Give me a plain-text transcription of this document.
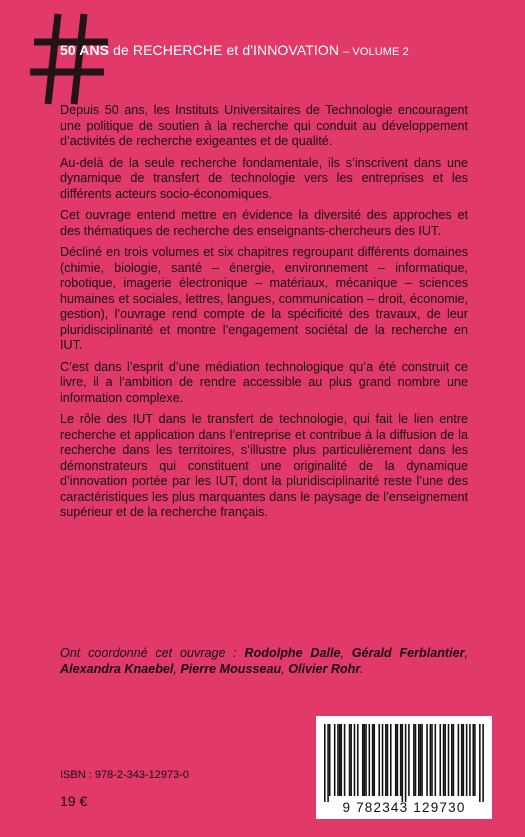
50 ANS de RECHERCHE et d'INNOVATION – VOLUME 2

Depuis 50 ans, les Instituts Universitaires de Technologie encouragent une politique de soutien à la recherche qui conduit au développement d’activités de recherche exigeantes et de qualité.

Au-delà de la seule recherche fondamentale, ils s’inscrivent dans une dynamique de transfert de technologie vers les entreprises et les différents acteurs socio-économiques.

Cet ouvrage entend mettre en évidence la diversité des approches et des thématiques de recherche des enseignants-chercheurs des IUT.

Décliné en trois volumes et six chapitres regroupant différents domaines (chimie, biologie, santé – énergie, environnement – informatique, robotique, imagerie électronique – matériaux, mécanique – sciences humaines et sociales, lettres, langues, communication – droit, économie, gestion), l’ouvrage rend compte de la spécificité des travaux, de leur pluridisciplinarité et montre l’engagement sociétal de la recherche en IUT.

C’est dans l’esprit d’une médiation technologique qu’a été construit ce livre, il a l’ambition de rendre accessible au plus grand nombre une information complexe.

Le rôle des IUT dans le transfert de technologie, qui fait le lien entre recherche et application dans l’entreprise et contribue à la diffusion de la recherche dans les territoires, s’illustre plus particulièrement dans les démonstrateurs qui constituent une originalité de la dynamique d’innovation portée par les IUT, dont la pluridisciplinarité reste l’une des caractéristiques les plus marquantes dans le paysage de l’enseignement supérieur et de la recherche français.

Ont coordonné cet ouvrage : Rodolphe Dalle, Gérald Ferblantier, Alexandra Knaebel, Pierre Mousseau, Olivier Rohr.
9 782343 129730
ISBN : 978-2-343-12973-0
19 €
